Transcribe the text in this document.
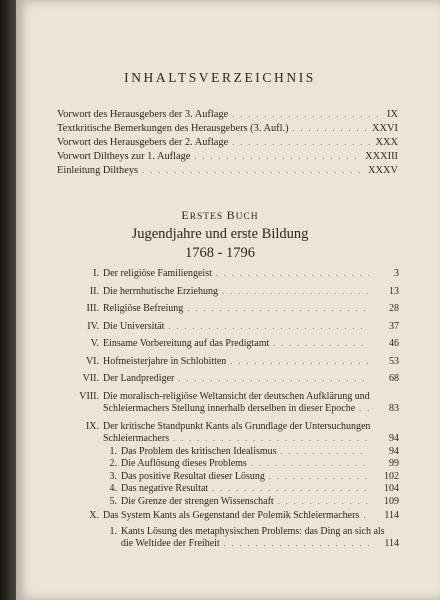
INHALTSVERZEICHNIS
Vorwort des Herausgebers der 3. Auflage . . .	IX
Textkritische Bemerkungen des Herausgebers (3. Aufl.) . . .	XXVI
Vorwort des Herausgebers der 2. Auflage . . .	XXX
Vorwort Diltheys zur 1. Auflage . . .	XXXIII
Einleitung Diltheys . . .	XXXV
ERSTES BUCH
Jugendjahre und erste Bildung
1768 - 1796
I. Der religiöse Familiengeist . . .	3
II. Die herrnhutische Erziehung . . .	13
III. Religiöse Befreiung . . .	28
IV. Die Universität . . .	37
V. Einsame Vorbereitung auf das Predigtamt . . .	46
VI. Hofmeisterjahre in Schlobitten . . .	53
VII. Der Landprediger . . .	68
VIII. Die moralisch-religiöse Weltansicht der deutschen Aufklärung und
Schleiermachers Stellung innerhalb derselben in dieser Epoche . . .	83
IX. Der kritische Standpunkt Kants als Grundlage der Untersuchungen
Schleiermachers . . .	94
1. Das Problem des kritischen Idealismus . . .	94
2. Die Auflösung dieses Problems . . .	99
3. Das positive Resultat dieser Lösung . . .	102
4. Das negative Resultat . . .	104
5. Die Grenze der strengen Wissenschaft . . .	109
X. Das System Kants als Gegenstand der Polemik Schleiermachers . . .	114
1. Kants Lösung des metaphysischen Problems: das Ding an sich als
die Weltidee der Freiheit . . .	114
